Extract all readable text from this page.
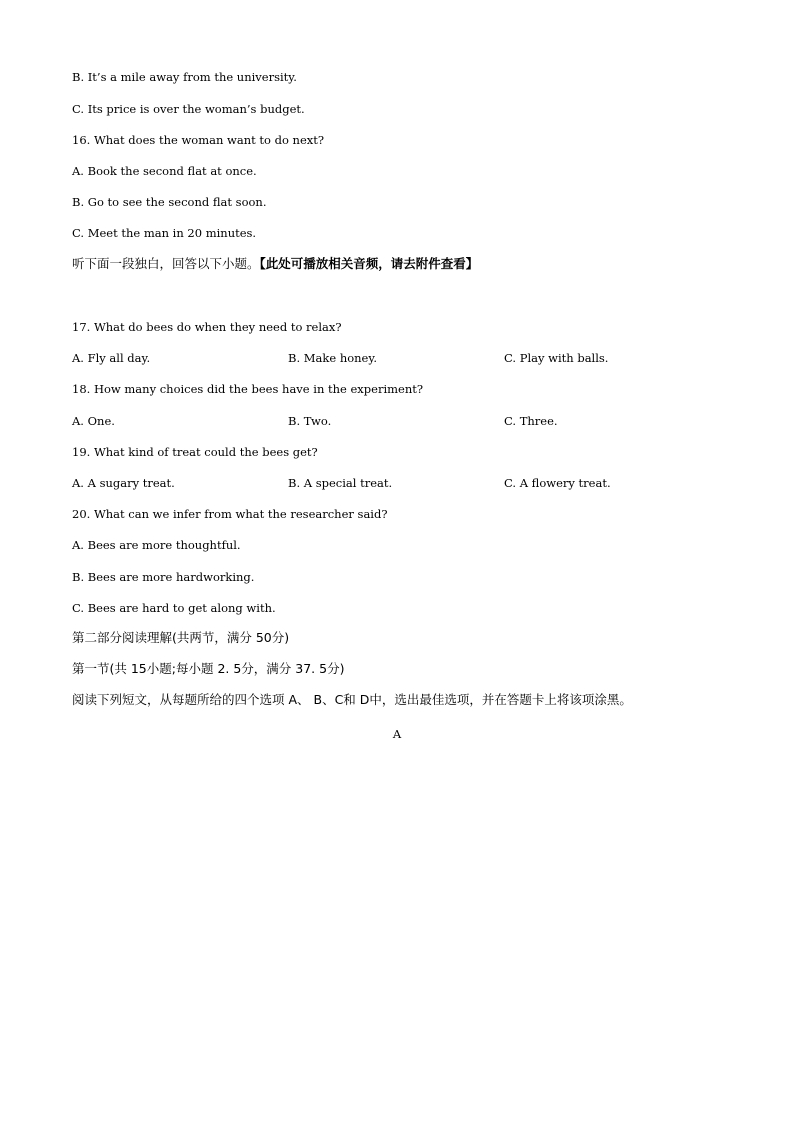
B. It’s a mile away from the university.
C. Its price is over the woman’s budget.
16. What does the woman want to do next?
A. Book the second flat at once.
B. Go to see the second flat soon.
C. Meet the man in 20 minutes.
听下面一段独白，回答以下小题。【此处可播放相关音频，请去附件查看】
17. What do bees do when they need to relax?
A. Fly all day.	B. Make honey.	C. Play with balls.
18. How many choices did the bees have in the experiment?
A. One.	B. Two.	C. Three.
19. What kind of treat could the bees get?
A. A sugary treat.	B. A special treat.	C. A flowery treat.
20. What can we infer from what the researcher said?
A. Bees are more thoughtful.
B. Bees are more hardworking.
C. Bees are hard to get along with.
第二部分阅读理解(共两节，满分 50分)
第一节(共 15小题;每小题 2. 5分，满分 37. 5分)
阅读下列短文，从每题所给的四个选项 A、 B、C和 D中，选出最佳选项，并在答题卡上将该项涂黑。
A
